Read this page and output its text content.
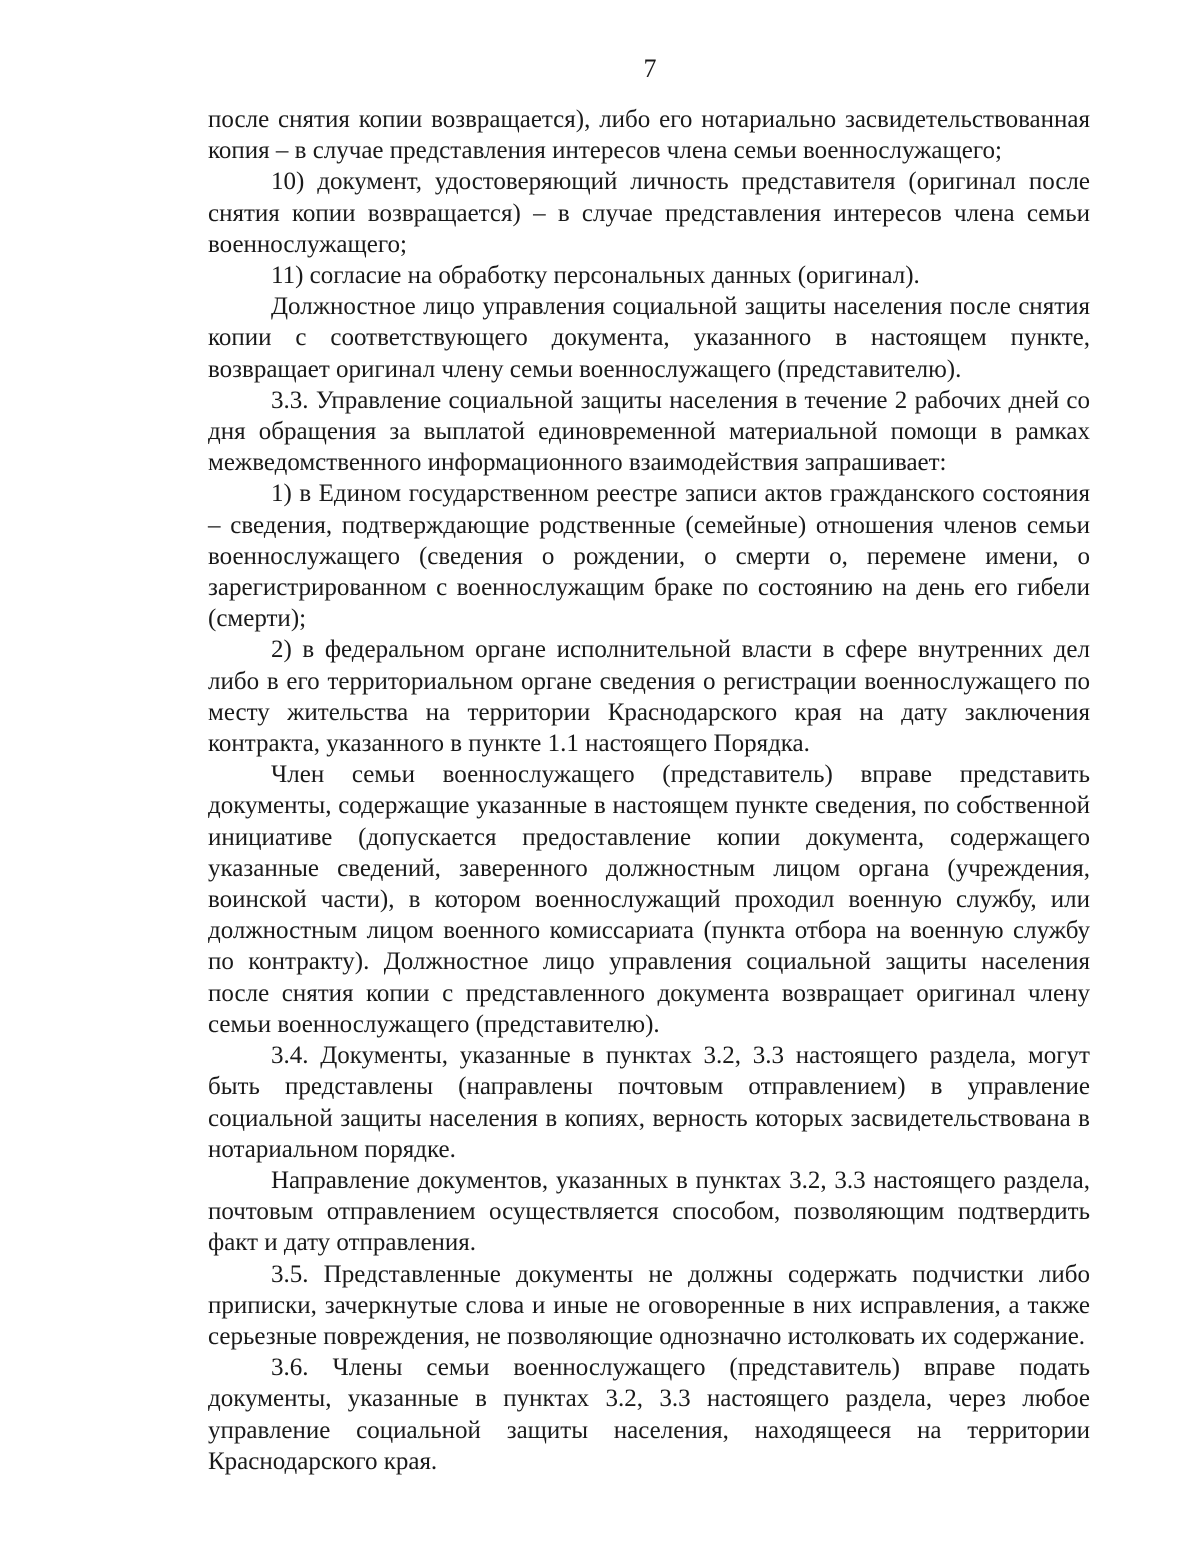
7

после снятия копии возвращается), либо его нотариально засвидетельствованная копия – в случае представления интересов члена семьи военнослужащего;

10) документ, удостоверяющий личность представителя (оригинал после снятия копии возвращается) – в случае представления интересов члена семьи военнослужащего;

11) согласие на обработку персональных данных (оригинал).

Должностное лицо управления социальной защиты населения после снятия копии с соответствующего документа, указанного в настоящем пункте, возвращает оригинал члену семьи военнослужащего (представителю).

3.3. Управление социальной защиты населения в течение 2 рабочих дней со дня обращения за выплатой единовременной материальной помощи в рамках межведомственного информационного взаимодействия запрашивает:

1) в Едином государственном реестре записи актов гражданского состояния – сведения, подтверждающие родственные (семейные) отношения членов семьи военнослужащего (сведения о рождении, о смерти о, перемене имени, о зарегистрированном с военнослужащим браке по состоянию на день его гибели (смерти);

2) в федеральном органе исполнительной власти в сфере внутренних дел либо в его территориальном органе сведения о регистрации военнослужащего по месту жительства на территории Краснодарского края на дату заключения контракта, указанного в пункте 1.1 настоящего Порядка.

Член семьи военнослужащего (представитель) вправе представить документы, содержащие указанные в настоящем пункте сведения, по собственной инициативе (допускается предоставление копии документа, содержащего указанные сведений, заверенного должностным лицом органа (учреждения, воинской части), в котором военнослужащий проходил военную службу, или должностным лицом военного комиссариата (пункта отбора на военную службу по контракту). Должностное лицо управления социальной защиты населения после снятия копии с представленного документа возвращает оригинал члену семьи военнослужащего (представителю).

3.4. Документы, указанные в пунктах 3.2, 3.3 настоящего раздела, могут быть представлены (направлены почтовым отправлением) в управление социальной защиты населения в копиях, верность которых засвидетельствована в нотариальном порядке.

Направление документов, указанных в пунктах 3.2, 3.3 настоящего раздела, почтовым отправлением осуществляется способом, позволяющим подтвердить факт и дату отправления.

3.5. Представленные документы не должны содержать подчистки либо приписки, зачеркнутые слова и иные не оговоренные в них исправления, а также серьезные повреждения, не позволяющие однозначно истолковать их содержание.

3.6. Члены семьи военнослужащего (представитель) вправе подать документы, указанные в пунктах 3.2, 3.3 настоящего раздела, через любое управление социальной защиты населения, находящееся на территории Краснодарского края.
